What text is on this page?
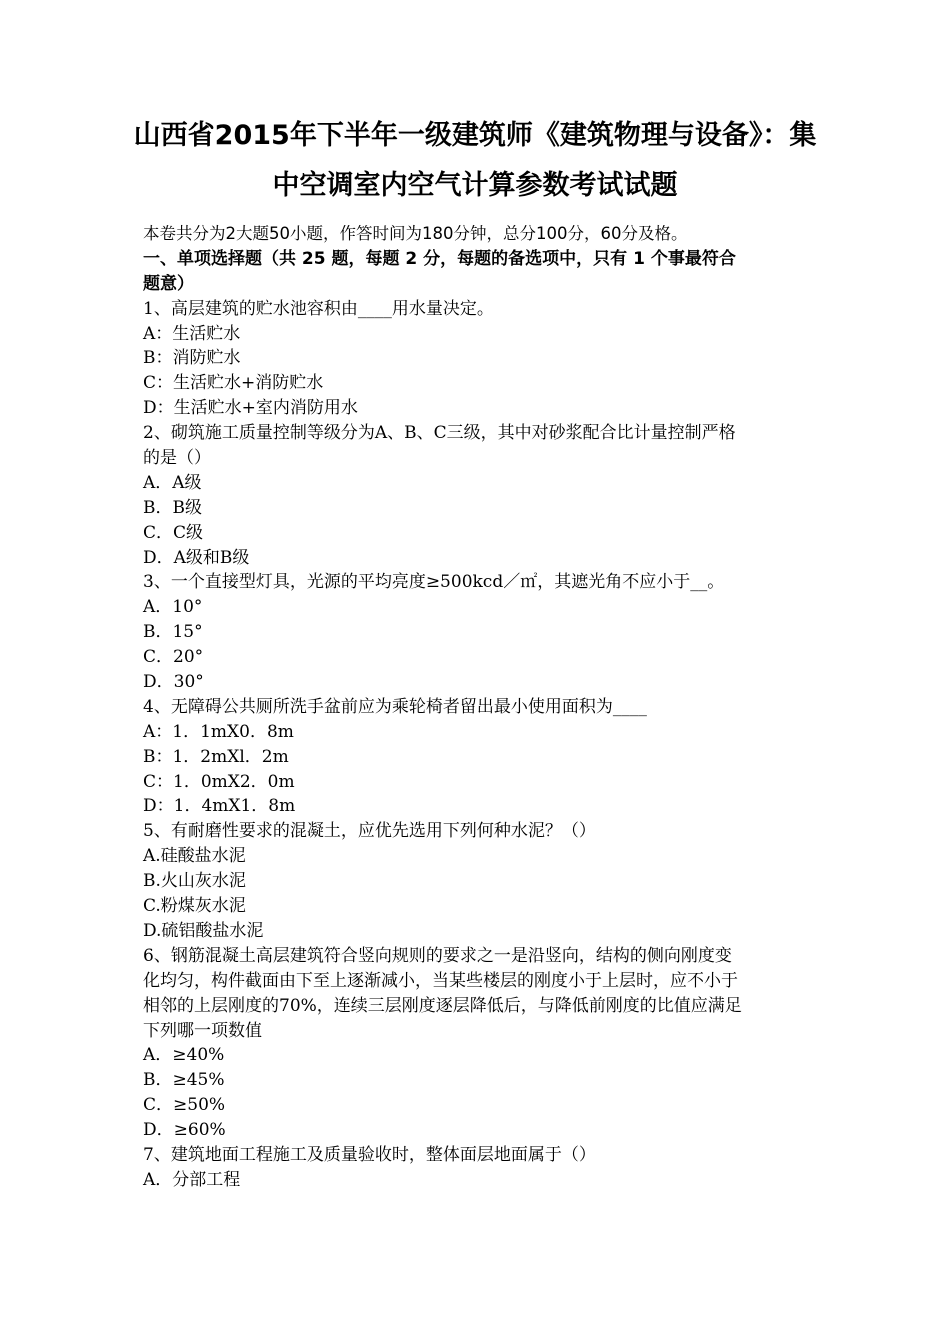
山西省2015年下半年一级建筑师《建筑物理与设备》：集
中空调室内空气计算参数考试试题
本卷共分为2大题50小题，作答时间为180分钟，总分100分，60分及格。
一、单项选择题（共 25 题，每题 2 分，每题的备选项中，只有 1 个事最符合
题意）
1、高层建筑的贮水池容积由____用水量决定。
A：生活贮水
B：消防贮水
C：生活贮水+消防贮水
D：生活贮水+室内消防用水
2、砌筑施工质量控制等级分为A、B、C三级，其中对砂浆配合比计量控制严格
的是（）
A．A级
B．B级
C．C级
D．A级和B级
3、一个直接型灯具，光源的平均亮度≥500kcd／㎡，其遮光角不应小于__。
A．10°
B．15°
C．20°
D．30°
4、无障碍公共厕所洗手盆前应为乘轮椅者留出最小使用面积为____
A：1．1mX0．8m
B：1．2mXl．2m
C：1．0mX2．0m
D：1．4mX1．8m
5、有耐磨性要求的混凝土，应优先选用下列何种水泥？（）
A.硅酸盐水泥
B.火山灰水泥
C.粉煤灰水泥
D.硫铝酸盐水泥
6、钢筋混凝土高层建筑符合竖向规则的要求之一是沿竖向，结构的侧向刚度变
化均匀，构件截面由下至上逐渐减小，当某些楼层的刚度小于上层时，应不小于
相邻的上层刚度的70%，连续三层刚度逐层降低后，与降低前刚度的比值应满足
下列哪一项数值
A．≥40%
B．≥45%
C．≥50%
D．≥60%
7、建筑地面工程施工及质量验收时，整体面层地面属于（）
A．分部工程
